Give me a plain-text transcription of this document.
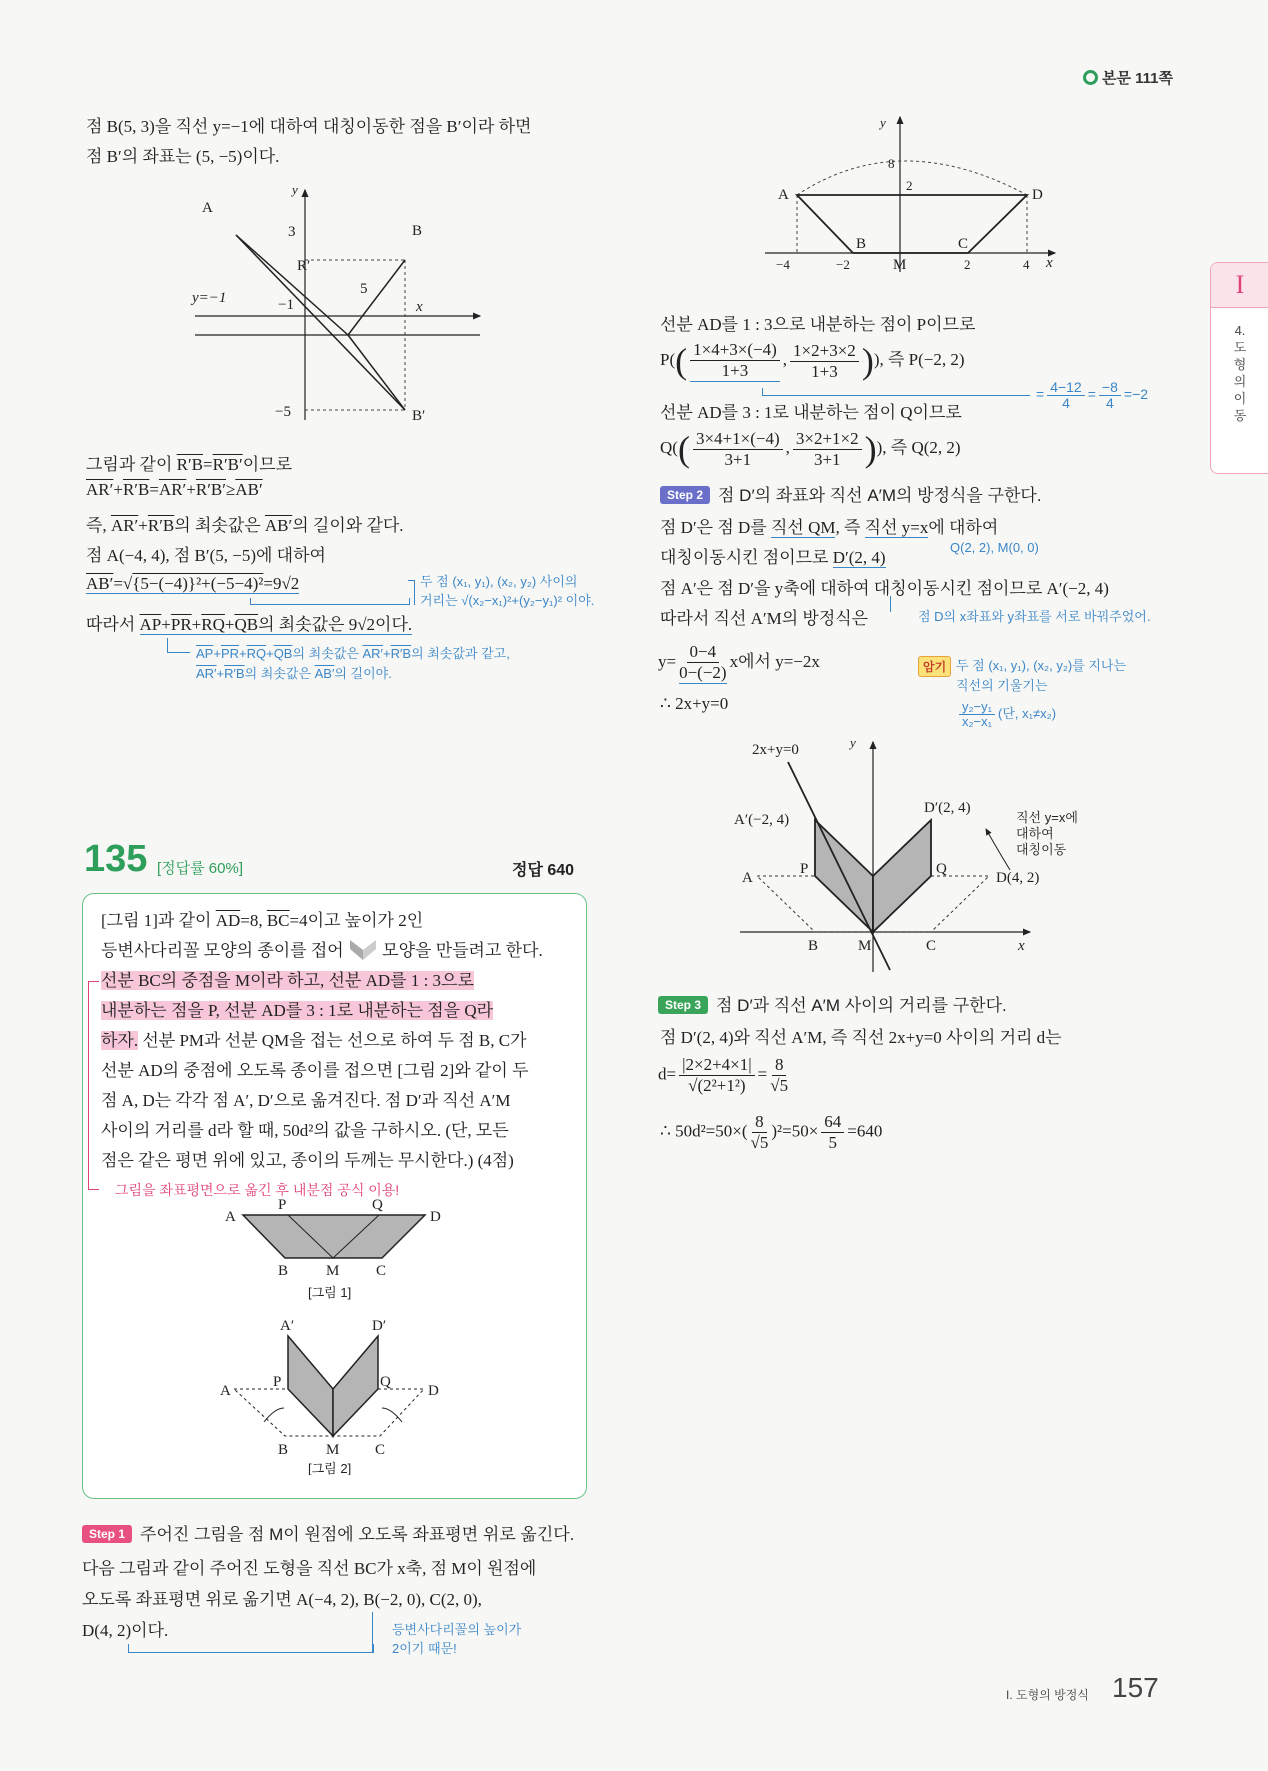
본문 111쪽
I
4.
도
형
의
이
동
점 B(5, 3)을 직선 y=−1에 대하여 대칭이동한 점을 B′이라 하면
점 B′의 좌표는 (5, −5)이다.
A
B
B′
R′
y
x
3
5
−1
−5
y=−1
그림과 같이 R′B=R′B′이므로
AR′+R′B=AR′+R′B′≥AB′
즉, AR′+R′B의 최솟값은 AB′의 길이와 같다.
점 A(−4, 4), 점 B′(5, −5)에 대하여
AB′=√{5−(−4)}²+(−5−4)²=9√2	두 점 (x₁, y₁), (x₂, y₂) 사이의
거리는 √(x₂−x₁)²+(y₂−y₁)² 이야.
따라서 $\overline{AP}+\overline{PR}+\overline{RQ}+\overline{QB}$의 최솟값은 9√2이다.
$\overline{AP}+\overline{PR}+\overline{RQ}+\overline{QB}$의 최솟값은 AR′+R′B의 최솟값과 같고,
AR′+R′B의 최솟값은 AB′의 길이야.
135 [정답률 60%]	정답 640
[그림 1]과 같이 $\overline{AD}=8$, $\overline{BC}=4$이고 높이가 2인
등변사다리꼴 모양의 종이를 접어  모양을 만들려고 한다.
선분 BC의 중점을 M이라 하고, 선분 AD를 1 : 3으로
내분하는 점을 P, 선분 AD를 3 : 1로 내분하는 점을 Q라
하자. 선분 PM과 선분 QM을 접는 선으로 하여 두 점 B, C가
선분 AD의 중점에 오도록 종이를 접으면 [그림 2]와 같이 두
점 A, D는 각각 점 A′, D′으로 옮겨진다. 점 D′과 직선 A′M
사이의 거리를 d라 할 때, 50d²의 값을 구하시오. (단, 모든
점은 같은 평면 위에 있고, 종이의 두께는 무시한다.) (4점)
그림을 좌표평면으로 옮긴 후 내분점 공식 이용!
A
P	Q
D
B	M C
[그림 1]
A′	D′
A
P	Q
D
B	M C
[그림 2]
Step 1 주어진 그림을 점 M이 원점에 오도록 좌표평면 위로 옮긴다.
다음 그림과 같이 주어진 도형을 직선 BC가 x축, 점 M이 원점에
오도록 좌표평면 위로 옮기면 A(−4, 2), B(−2, 0), C(2, 0),
D(4, 2)이다.	등변사다리꼴의 높이가
2이기 때문!
A	D
B	C
M
8
2
−4	−2	2	4
y
x
선분 AD를 1 : 3으로 내분하는 점이 P이므로
$P(( \frac{1\times 4+3\times(-4)}{1+3}$ , $\frac{1\times 2+3\times 2}{1+3}$ )), 즉 P(−2, 2)
= $\frac{4-12}{4} = \frac{-8}{4} =-2$
선분 AD를 3 : 1로 내분하는 점이 Q이므로
$Q(( \frac{3\times 4+1\times(-4)}{3+1}$ , $\frac{3\times 2+1\times 2}{3+1}$ )), 즉 Q(2, 2)
Step 2 점 D′의 좌표와 직선 A′M의 방정식을 구한다.
점 D′은 점 D를 직선 QM, 즉 직선 y=x에 대하여
Q(2, 2), M(0, 0)
대칭이동시킨 점이므로 D′(2, 4)
점 A′은 점 D′을 y축에 대하여 대칭이동시킨 점이므로 A′(−2, 4)
따라서 직선 A′M의 방정식은	점 D의 x좌표와 y좌표를 서로 바꿔주었어.
$y= \frac{0-4}{0-(-2)}$ x에서 y=−2x
∴ 2x+y=0
암기 두 점 (x₁, y₁), (x₂, y₂)를 지나는
직선의 기울기는
$\frac{\text{y₂−y₁}}{\text{x₂−x₁}}$ (단, x₁≠x₂)
2x+y=0	y
x
A′(−2, 4)
D′(2, 4)
A
P	Q
D(4, 2)
B	M	C
직선 y=x에
대하여
대칭이동
Step 3 점 D′과 직선 A′M 사이의 거리를 구한다.
점 D′(2, 4)와 직선 A′M, 즉 직선 2x+y=0 사이의 거리 d는
$d= \frac{|2\times 2+4\times 1|}{\text{√(2²+1²)}} = \frac{8}{√5}$
∴ $50d^2=50\times( \frac{8}{√5} )^2=50\times \frac{64}{5} =640$
I. 도형의 방정식 157
